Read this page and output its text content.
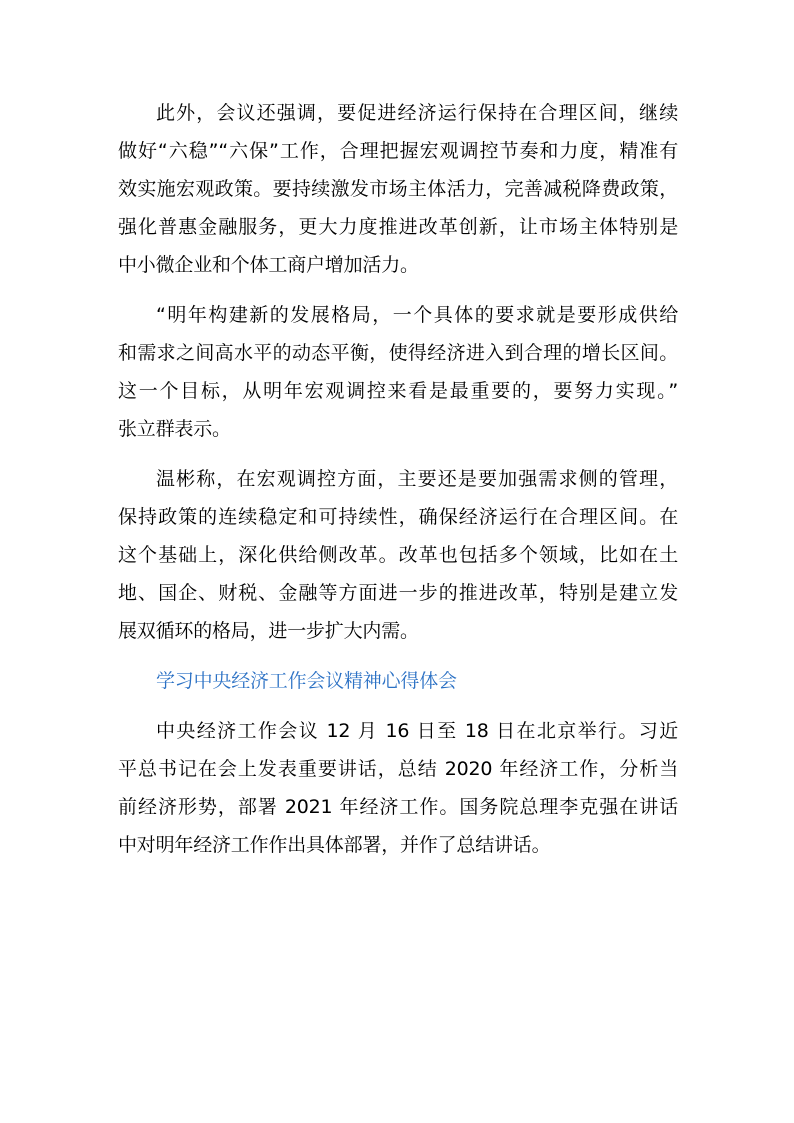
此外，会议还强调，要促进经济运行保持在合理区间，继续
做好“六稳”“六保”工作，合理把握宏观调控节奏和力度，精准有
效实施宏观政策。要持续激发市场主体活力，完善减税降费政策，
强化普惠金融服务，更大力度推进改革创新，让市场主体特别是
中小微企业和个体工商户增加活力。
“明年构建新的发展格局，一个具体的要求就是要形成供给
和需求之间高水平的动态平衡，使得经济进入到合理的增长区间。
这一个目标，从明年宏观调控来看是最重要的，要努力实现。”
张立群表示。
温彬称，在宏观调控方面，主要还是要加强需求侧的管理，
保持政策的连续稳定和可持续性，确保经济运行在合理区间。在
这个基础上，深化供给侧改革。改革也包括多个领域，比如在土
地、国企、财税、金融等方面进一步的推进改革，特别是建立发
展双循环的格局，进一步扩大内需。
学习中央经济工作会议精神心得体会
中央经济工作会议 12 月 16 日至 18 日在北京举行。习近
平总书记在会上发表重要讲话，总结 2020 年经济工作，分析当
前经济形势，部署 2021 年经济工作。国务院总理李克强在讲话
中对明年经济工作作出具体部署，并作了总结讲话。
